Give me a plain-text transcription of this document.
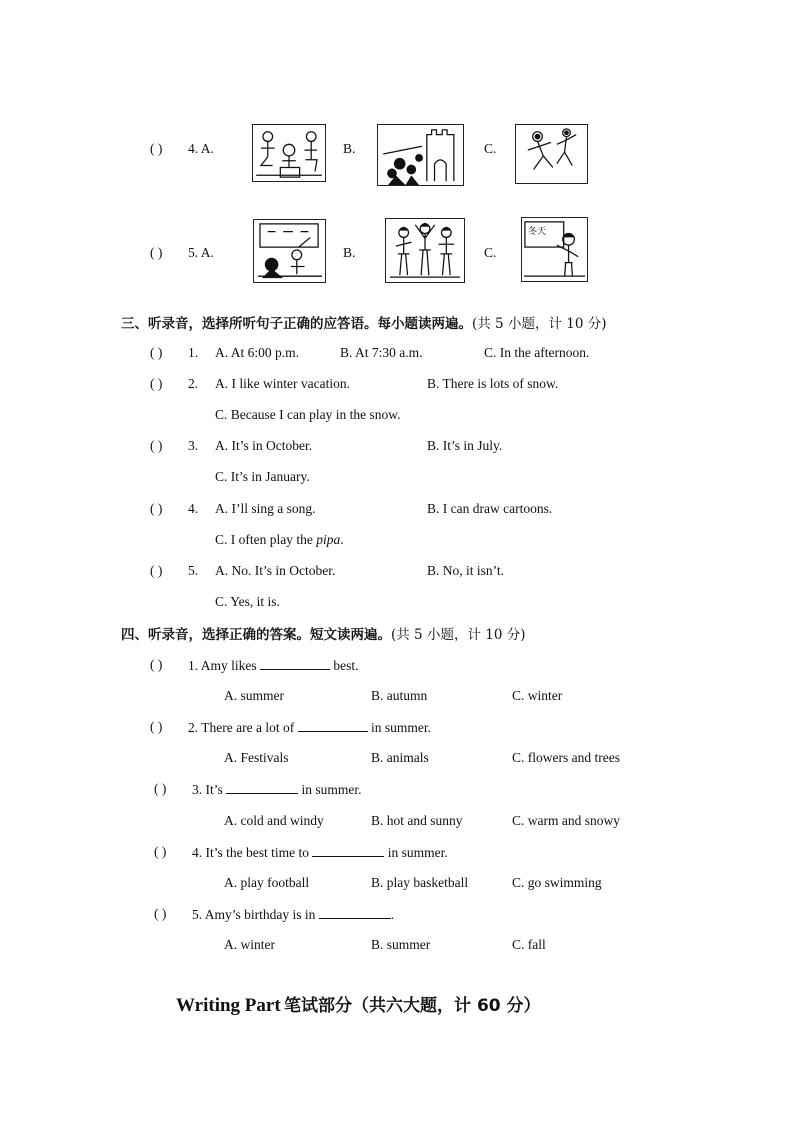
( ) 4. A.	B.	C.
( ) 5. A.	B.	C.
冬天
三、听录音，选择所听句子正确的应答语。每小题读两遍。(共 5 小题，计 10 分)
( ) 1. A. At 6:00 p.m.	B. At 7:30 a.m.	C. In the afternoon.
( ) 2. A. I like winter vacation.	B. There is lots of snow.
C. Because I can play in the snow.
( ) 3. A. It’s in October.	B. It’s in July.
C. It’s in January.
( ) 4. A. I’ll sing a song.	B. I can draw cartoons.
C. I often play the pipa.
( ) 5. A. No. It’s in October.	B. No, it isn’t.
C. Yes, it is.
四、听录音，选择正确的答案。短文读两遍。(共 5 小题，计 10 分)
( ) 1. Amy likes	best.
A. summer	B. autumn	C. winter
( ) 2. There are a lot of	in summer.
A. Festivals	B. animals	C. flowers and trees
( ) 3. It’s	in summer.
A. cold and windy	B. hot and sunny	C. warm and snowy
( ) 4. It’s the best time to	in summer.
A. play football	B. play basketball	C. go swimming
( ) 5. Amy’s birthday is in	.
A. winter	B. summer	C. fall
Writing Part 笔试部分（共六大题，计 60 分）
